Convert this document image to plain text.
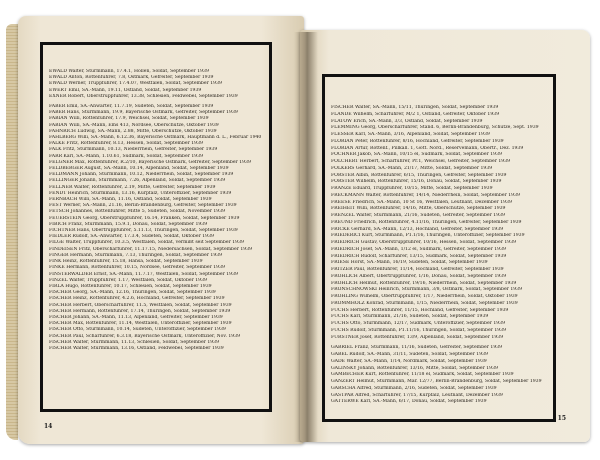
EWALD Walter, Sturmmann, 17.4.1, Hollen, Soldat, September 1939
EWALD Anton, Rottenführer, 7.8, Ostmark, Gefreiter, September 1939
EWALD Werner, Truppführer, 17.4.07, Westfalen, Soldat, September 1939
EWERT Emil, SA.-Mann, 19.11, Ostland, Soldat, September 1939
EXNER Robert, Oberstruppführer, 13.38, Schlesien, Feldwebel, September 1939
FABER Emil, SA.-Anwärter, 11.7.19, Sudeten, Soldat, September 1939
FABER Hans, Sturmmann, 19.9, Bayerische Ostmark, Gefreiter, September 1939
FABIAN Willi, Rottenführer, 17.9, Weichsel, Soldat, September 1939
FABIAN Willi, SA.-Mann, Ems 413, Nordsee, Oberschütze, Oktober 1939
FÄHNRICH Ludwig, SA.-Mann, 2.88, Mitte, Oberschütze, Oktober 1939
FAHLBERG Willi, SA.-Mann, 6.12.36, Bayerische Ostmark, Hauptmann d. L., Februar 1940
FALKE Fritz, Rottenführer, 8.13, Hessen, Soldat, September 1939
FALK Fritz, Sturmmann, 10.13, Niederrhein, Gefreiter, September 1939
FARR Karl, SA.-Mann, 1.10.61, Südmark, Soldat, September 1939
FELGNER Max, Rottenführer, R.2/10, Bayerische Ostmark, Gefreiter, September 1939
FELDBERGER August, SA.-Mann, 10.14, Alpenland, Soldat, September 1939
FELDMANN Johann, Sturmmann, 10.12, Niederrhein, Soldat, September 1939
FELLINGER Johann, Sturmmann, 7.26, Alpenland, Soldat, September 1939
FELLNER Walter, Rottenführer, 2.19, Mitte, Gefreiter, September 1939
FENDT Heinrich, Sturmmann, 13.16, Kurpfalz, Unteroffizier, September 1939
FERNBACH Willi, SA.-Mann, 11.16, Ostland, Soldat, September 1939
FEST Werner, SA.-Mann, 21.16, Berlin-Brandenburg, Gefreiter, September 1939
FETSCH Johannes, Rottenführer, Mitte 5, Sudeten, Soldat, November 1939
FEUERSTEIN Georg, Oberstruppführer, 16.14, Franken, Soldat, September 1939
FIBICH Franz, Sturmmann, 15.9.1, Donau, Soldat, September 1939
FICHTNER Hans, Obertruppführer, 5.11.13, Thüringen, Soldat, September 1939
FIEDLER Rudolf, SA.-Anwärter, 17.3.4, Sudeten, Soldat, Oktober 1939
FILGE Walter, Truppführer, 10.3.5, Westfalen, Soldat, vermißt seit September 1939
FINDEISEN Fritz, Oberscharführer, 11.17.15, Niedersachsen, Soldat, September 1939
FINGER Hermann, Sturmmann, 7.13, Thüringen, Soldat, September 1939
FINK Heinz, Rottenführer, 15.18, Hansa, Soldat, September 1939
FINKE Hermann, Rottenführer, 10.15, Nordsee, Gefreiter, September 1939
FINSTERWALDER Ernst, SA.-Mann, 11.7.17, Westfalen, Soldat, September 1939
FINZEL Walter, Truppführer, 1.17, Westfalen, Soldat, Oktober 1939
FIRLA Hugo, Rottenführer, 10.17, Schlesien, Soldat, September 1939
FISCHER Georg, SA.-Mann, 12.16, Thüringen, Soldat, September 1939
FISCHER Heinz, Rottenführer, 4.2.6, Hochland, Gefreiter, September 1939
FISCHER Herbert, Oberscharführer, 11.5, Westfalen, Soldat, September 1939
FISCHER Hermann, Rottenführer, 17.14, Thüringen, Soldat, September 1939
FISCHER Johann, SA.-Mann, 11.13, Alpenland, Gefreiter, September 1939
FISCHER Max, Rottenführer, 11.14, Westfalen, Unteroffizier, September 1939
FISCHER Otto, Sturmmann, 10.14, Sudeten, Unteroffizier, September 1939
FISCHER Paul, Scharführer, 6.3.18, Bayerische Ostmark, Unteroffizier, Nov. 1939
FISCHER Walter, Sturmmann, 11.13, Schlesien, Soldat, September 1939
FISCHER Walter, Sturmmann, 13.16, Ostland, Feldwebel, September 1939
14
FISCHER Walter, SA.-Mann, 15/11, Thüringen, Soldat, September 1939
FLANDE Wilhelm, Scharführer, M/2 1, Ostland, Gefreiter, Oktober 1939
FLATOW Erich, SA.-Mann, 3/3, Ostland, Soldat, September 1939
FLEMMING Georg, Oberscharführer, Stand. 6, Berlin-Brandenburg, Schütze, Sept. 1939
FLESSER Karl, SA.-Mann, 3/16, Alpenland, Soldat, September 1939
FLORIAN Peter, Rottenführer, 8/16, Hochland, Gefreiter, September 1939
FLORIAN Artur, Rottenf., Pillkall. 1, Gott. Nord., Reservemann, Obertr., Dez. 1939
FOCHNER Jakob, SA.-Mann, 10/15 el, Südmark, Soldat, September 1939
FOLCHERT Herbert, Scharführer, Pr.1, Weichsel, Gefreiter, September 1939
FOLKERS Gerhard, SA.-Mann, 21/17, Mitte, Soldat, September 1939
FORSTER Albin, Rottenführer, 6/15, Thüringen, Gefreiter, September 1939
FÖRSTER Wilhelm, Rottenführer, 15/16, Donau, Soldat, September 1939
FRANZE Eduard, Truppführer, 10/15, Mitte, Soldat, September 1939
FRECKMANN Walter, Rottenführer, 14/14, Niederrhein, Soldat, September 1939
FREESE Friedrich, SA.-Mann, 10 St 16, Westfalen, Leutnant, Dezember 1939
FREIHEIT Willi, Rottenführer, 14/16, Mitte, Oberschütze, September 1939
FRENZEL Walter, Sturmmann, 21/16, Sudeten, Gefreiter, September 1939
FREUND Friedrich, Rottenführer, 4.11/16, Thüringen, Gefreiter, September 1939
FRICKE Gerhard, SA.-Mann, 12/13, Hochland, Gefreiter, September 1939
FRIEDERICI Kurt, Sturmmann, P1.1/16, Thüringen, Unteroffizier, September 1939
FRIEDRICH Gustav, Oberstruppführer, 10/16, Hessen, Soldat, September 1939
FRIEDRICH Josef, SA.-Mann, 1/12 el, Südmark, Gefreiter, September 1939
FRIEDRICH Rudolf, Scharführer, 13/15, Südmark, Soldat, September 1939
FRIESE Horst, SA.-Mann, 16/19, Sudeten, Soldat, September 1939
FRITZER Paul, Rottenführer, 11/14, Hochland, Gefreiter, September 1939
FROHLICH Albert, Obertruppführer, 1/16, Donau, Soldat, September 1939
FROHLICH Helmut, Rottenführer, 19/16, Niederrhein, Soldat, September 1939
FRONSCHNOWSKI Heinrich, Sturmmann, 3/8, Ostmark, Soldat, September 1939
FRÖHLING Wilhelm, Obertruppführer, 1/17, Niederrhein, Soldat, Oktober 1939
FROMMHOLZ Konrad, Sturmmann, 1/15, Niederrhein, Soldat, September 1939
FUCHS Herbert, Rottenführer, 11/15, Hochland, Gefreiter, September 1939
FUCHS Karl, Sturmmann, 21/16, Sudeten, Soldat, September 1939
FUCHS Otto, Sturmmann, 12/17, Südmark, Unteroffizier, September 1939
FUCHS Rudolf, Sturmmann, P1.11/16, Thüringen, Soldat, September 1939
FURSTNER Josef, Rottenführer, 13/9, Alpenland, Soldat, September 1939
GABRIEL Franz, Sturmmann, 11/16, Sudeten, Gefreiter, September 1939
GÄBEL Rudolf, SA.-Mann, 31/11, Sudeten, Soldat, September 1939
GÄDE Walter, SA.-Mann, 1/14, Nordmark, Soldat, September 1939
GALINSKY Johann, Rottenführer, 13/16, Mitte, Soldat, September 1939
GAMBECHER Kurt, Rottenführer, 11/18 el, Südmark, Soldat, September 1939
GANZERT Helmut, Sturmmann, Mar. 12/77, Berlin-Brandenburg, Soldat, September 1939
GARSCHA Alfred, Sturmmann, 2/16, Sudeten, Soldat, September 1939
GASTPAR Alfred, Scharführer, 17/15, Kurpfalz, Leutnant, Dezember 1939
GATTERWE Karl, SA.-Mann, 6/17, Donau, Soldat, September 1939
15
